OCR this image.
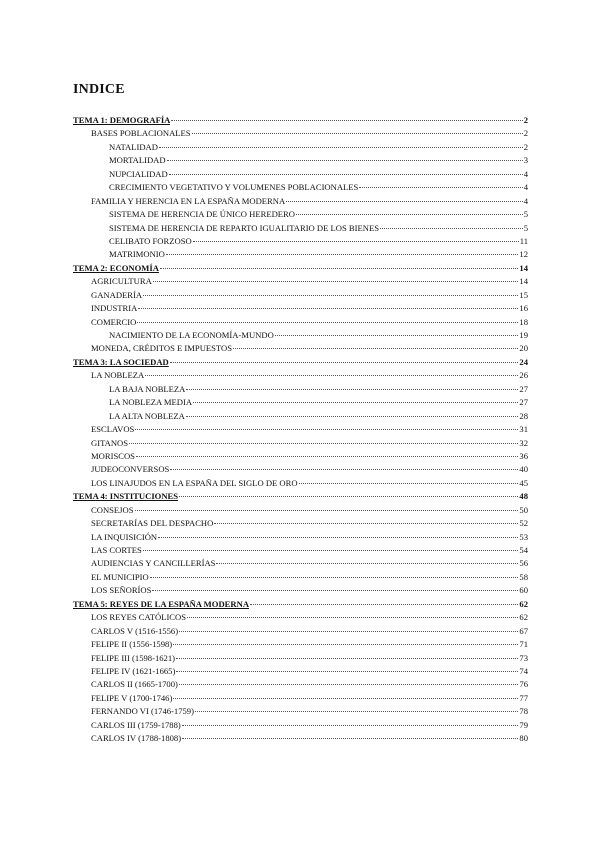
INDICE
TEMA 1: DEMOGRAFÍA	2
BASES POBLACIONALES	2
NATALIDAD	2
MORTALIDAD	3
NUPCIALIDAD	4
CRECIMIENTO VEGETATIVO Y VOLUMENES POBLACIONALES	4
FAMILIA Y HERENCIA EN LA ESPAÑA MODERNA	4
SISTEMA DE HERENCIA DE ÚNICO HEREDERO	5
SISTEMA DE HERENCIA DE REPARTO IGUALITARIO DE LOS BIENES	5
CELIBATO FORZOSO	11
MATRIMONIO	12
TEMA 2: ECONOMÍA	14
AGRICULTURA	14
GANADERÍA	15
INDUSTRIA	16
COMERCIO	18
NACIMIENTO DE LA ECONOMÍA-MUNDO	19
MONEDA, CRÉDITOS E IMPUESTOS	20
TEMA 3: LA SOCIEDAD	24
LA NOBLEZA	26
LA BAJA NOBLEZA	27
LA NOBLEZA MEDIA	27
LA ALTA NOBLEZA	28
ESCLAVOS	31
GITANOS	32
MORISCOS	36
JUDEOCONVERSOS	40
LOS LINAJUDOS EN LA ESPAÑA DEL SIGLO DE ORO	45
TEMA 4: INSTITUCIONES	48
CONSEJOS	50
SECRETARÍAS DEL DESPACHO	52
LA INQUISICIÓN	53
LAS CORTES	54
AUDIENCIAS Y CANCILLERÍAS	56
EL MUNICIPIO	58
LOS SEÑORÍOS	60
TEMA 5: REYES DE LA ESPAÑA MODERNA	62
LOS REYES CATÓLICOS	62
CARLOS V (1516-1556)	67
FELIPE II (1556-1598)	71
FELIPE III (1598-1621)	73
FELIPE IV (1621-1665)	74
CARLOS II (1665-1700)	76
FELIPE V (1700-1746)	77
FERNANDO VI (1746-1759)	78
CARLOS III (1759-1788)	79
CARLOS IV (1788-1808)	80
